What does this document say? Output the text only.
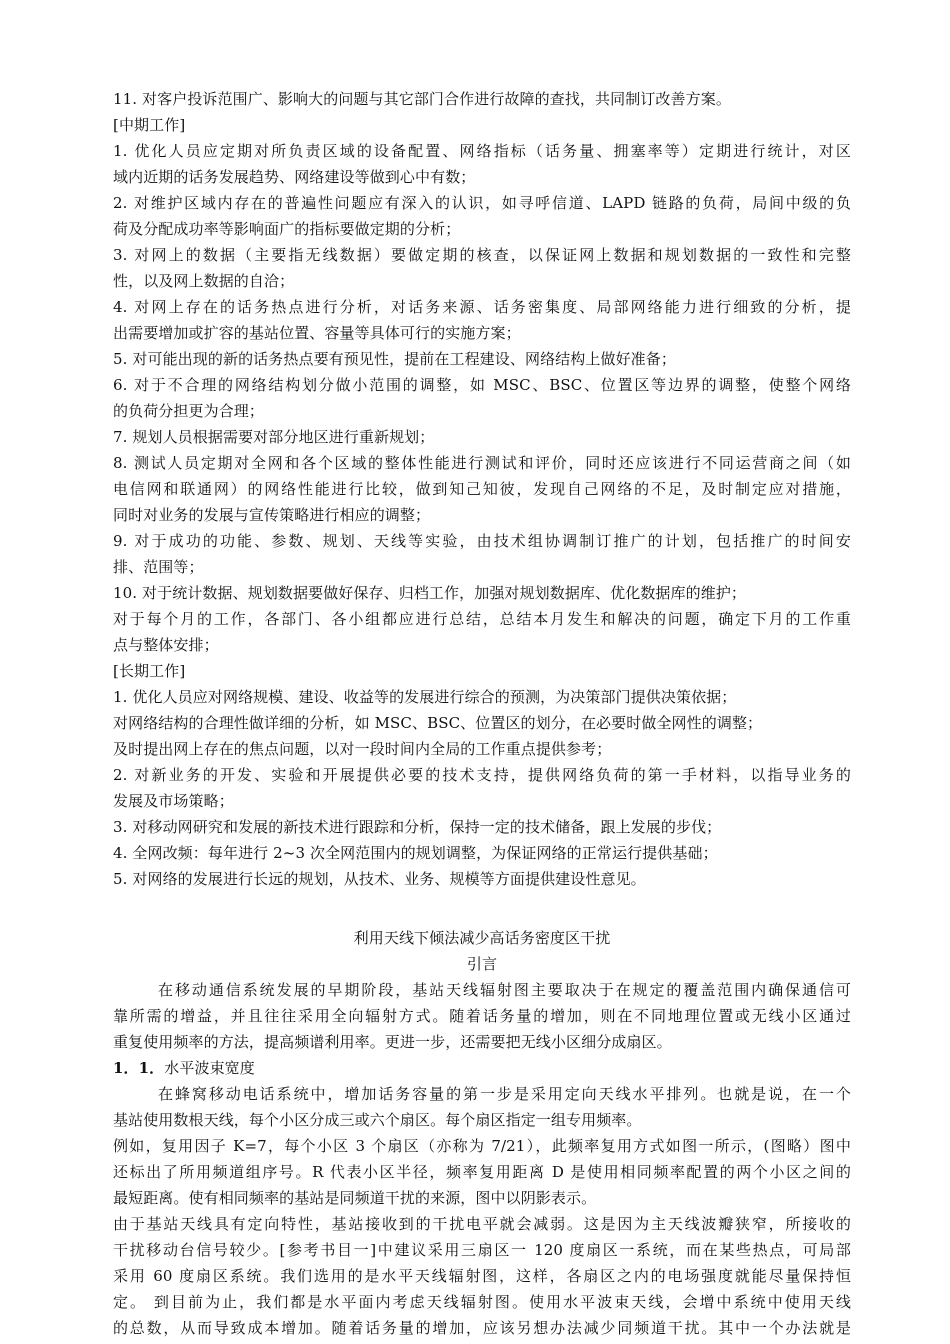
11. 对客户投诉范围广、影响大的问题与其它部门合作进行故障的查找，共同制订改善方案。
[中期工作]
1. 优化人员应定期对所负责区域的设备配置、网络指标（话务量、拥塞率等）定期进行统计，对区
域内近期的话务发展趋势、网络建设等做到心中有数；
2. 对维护区域内存在的普遍性问题应有深入的认识，如寻呼信道、LAPD 链路的负荷，局间中级的负
荷及分配成功率等影响面广的指标要做定期的分析；
3. 对网上的数据（主要指无线数据）要做定期的核查，以保证网上数据和规划数据的一致性和完整
性，以及网上数据的自洽；
4. 对网上存在的话务热点进行分析，对话务来源、话务密集度、局部网络能力进行细致的分析，提
出需要增加或扩容的基站位置、容量等具体可行的实施方案；
5. 对可能出现的新的话务热点要有预见性，提前在工程建设、网络结构上做好准备；
6. 对于不合理的网络结构划分做小范围的调整，如 MSC、BSC、位置区等边界的调整，使整个网络
的负荷分担更为合理；
7. 规划人员根据需要对部分地区进行重新规划；
8. 测试人员定期对全网和各个区域的整体性能进行测试和评价，同时还应该进行不同运营商之间（如
电信网和联通网）的网络性能进行比较，做到知己知彼，发现自己网络的不足，及时制定应对措施，
同时对业务的发展与宣传策略进行相应的调整；
9. 对于成功的功能、参数、规划、天线等实验，由技术组协调制订推广的计划，包括推广的时间安
排、范围等；
10. 对于统计数据、规划数据要做好保存、归档工作，加强对规划数据库、优化数据库的维护；
对于每个月的工作，各部门、各小组都应进行总结，总结本月发生和解决的问题，确定下月的工作重
点与整体安排；
[长期工作]
1. 优化人员应对网络规模、建设、收益等的发展进行综合的预测，为决策部门提供决策依据；
对网络结构的合理性做详细的分析，如 MSC、BSC、位置区的划分，在必要时做全网性的调整；
及时提出网上存在的焦点问题，以对一段时间内全局的工作重点提供参考；
2. 对新业务的开发、实验和开展提供必要的技术支持，提供网络负荷的第一手材料，以指导业务的
发展及市场策略；
3. 对移动网研究和发展的新技术进行跟踪和分析，保持一定的技术储备，跟上发展的步伐；
4. 全网改频：每年进行 2~3 次全网范围内的规划调整，为保证网络的正常运行提供基础；
5. 对网络的发展进行长远的规划，从技术、业务、规模等方面提供建设性意见。
利用天线下倾法减少高话务密度区干扰
引言
在移动通信系统发展的早期阶段，基站天线辐射图主要取决于在规定的覆盖范围内确保通信可
靠所需的增益，并且往往采用全向辐射方式。随着话务量的增加，则在不同地理位置或无线小区通过
重复使用频率的方法，提高频谱利用率。更进一步，还需要把无线小区细分成扇区。
1．1．水平波束宽度
在蜂窝移动电话系统中，增加话务容量的第一步是采用定向天线水平排列。也就是说，在一个
基站使用数根天线，每个小区分成三或六个扇区。每个扇区指定一组专用频率。
例如，复用因子 K=7，每个小区 3 个扇区（亦称为 7/21），此频率复用方式如图一所示，(图略）图中
还标出了所用频道组序号。R 代表小区半径，频率复用距离 D 是使用相同频率配置的两个小区之间的
最短距离。使有相同频率的基站是同频道干扰的来源，图中以阴影表示。
由于基站天线具有定向特性，基站接收到的干扰电平就会减弱。这是因为主天线波瓣狭窄，所接收的
干扰移动台信号较少。[参考书目一]中建议采用三扇区一 120 度扇区一系统，而在某些热点，可局部
采用 60 度扇区系统。我们选用的是水平天线辐射图，这样，各扇区之内的电场强度就能尽量保持恒
定。 到目前为止，我们都是水平面内考虑天线辐射图。使用水平波束天线，会增中系统中使用天线
的总数，从而导致成本增加。随着话务量的增加，应该另想办法减少同频道干扰。其中一个办法就是
